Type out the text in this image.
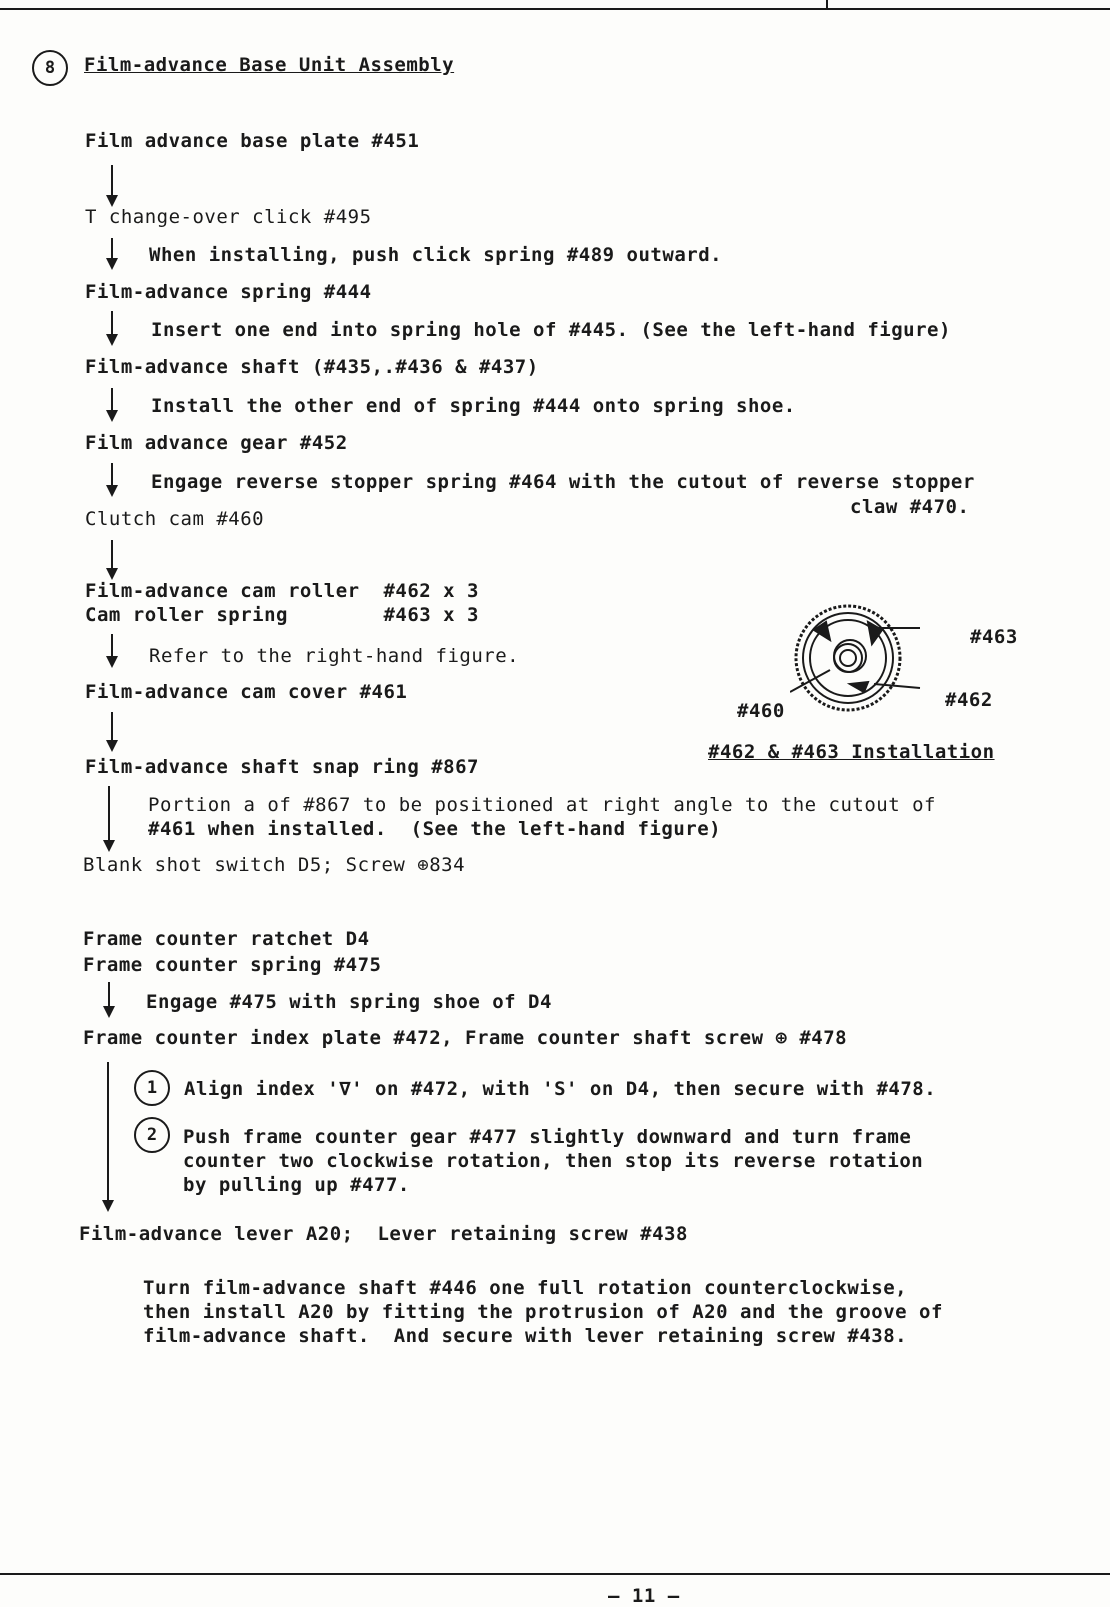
8	Film-advance Base Unit Assembly
Film advance base plate #451
T change-over click #495
When installing, push click spring #489 outward.
Film-advance spring #444
Insert one end into spring hole of #445. (See the left-hand figure)
Film-advance shaft (#435,.#436 & #437)
Install the other end of spring #444 onto spring shoe.
Film advance gear #452
Engage reverse stopper spring #464 with the cutout of reverse stopper
claw #470.
Clutch cam #460
Film-advance cam roller  #462 x 3
Cam roller spring        #463 x 3
Refer to the right-hand figure.
Film-advance cam cover #461
Film-advance shaft snap ring #867
Portion a of #867 to be positioned at right angle to the cutout of
#461 when installed.  (See the left-hand figure)
Blank shot switch D5; Screw ⊕834
Frame counter ratchet D4
Frame counter spring #475
Engage #475 with spring shoe of D4
Frame counter index plate #472, Frame counter shaft screw ⊕ #478
1	Align index '∇' on #472, with 'S' on D4, then secure with #478.
2	Push frame counter gear #477 slightly downward and turn frame
counter two clockwise rotation, then stop its reverse rotation
by pulling up #477.
Film-advance lever A20;  Lever retaining screw #438
Turn film-advance shaft #446 one full rotation counterclockwise,
then install A20 by fitting the protrusion of A20 and the groove of
film-advance shaft.  And secure with lever retaining screw #438.
#463
#462
#460
#462 & #463 Installation
— 11 —
